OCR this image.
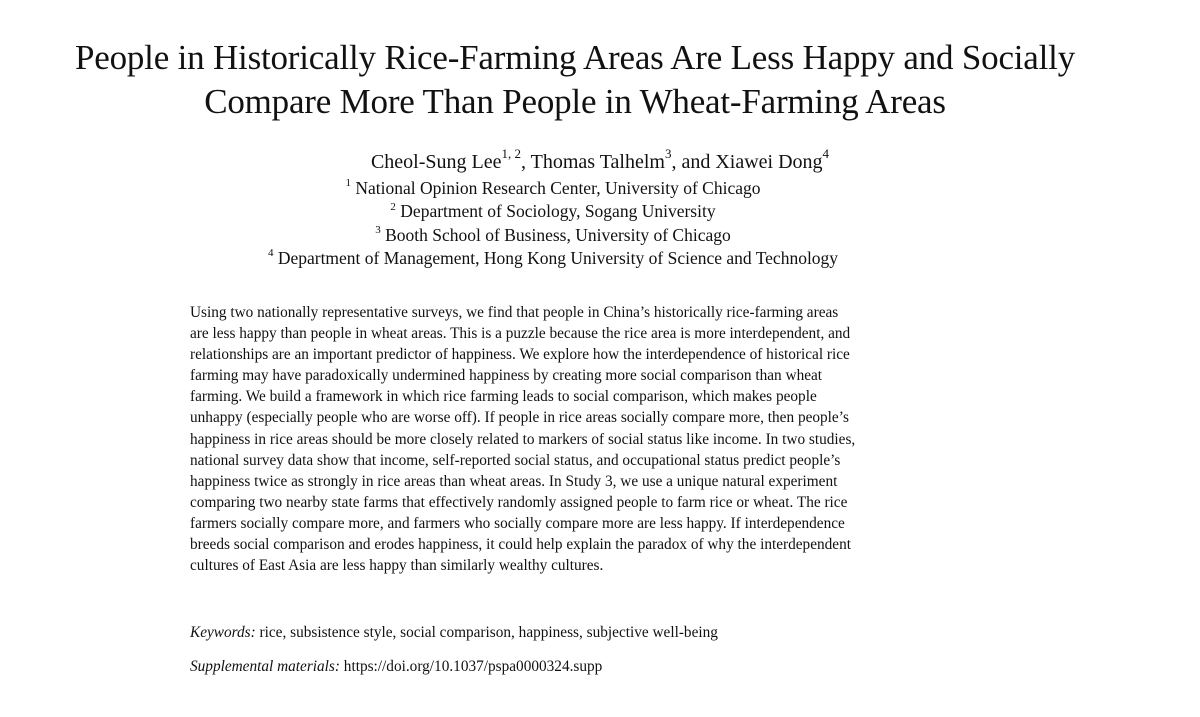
People in Historically Rice-Farming Areas Are Less Happy and Socially
Compare More Than People in Wheat-Farming Areas
Cheol-Sung Lee$^{1, 2}$, Thomas Talhelm$^3$, and Xiawei Dong$^4$
$^1$ National Opinion Research Center, University of Chicago
$^2$ Department of Sociology, Sogang University
$^3$ Booth School of Business, University of Chicago
$^4$ Department of Management, Hong Kong University of Science and Technology
Using two nationally representative surveys, we find that people in China’s historically rice-farming areas
are less happy than people in wheat areas. This is a puzzle because the rice area is more interdependent, and
relationships are an important predictor of happiness. We explore how the interdependence of historical rice
farming may have paradoxically undermined happiness by creating more social comparison than wheat
farming. We build a framework in which rice farming leads to social comparison, which makes people
unhappy (especially people who are worse off). If people in rice areas socially compare more, then people’s
happiness in rice areas should be more closely related to markers of social status like income. In two studies,
national survey data show that income, self-reported social status, and occupational status predict people’s
happiness twice as strongly in rice areas than wheat areas. In Study 3, we use a unique natural experiment
comparing two nearby state farms that effectively randomly assigned people to farm rice or wheat. The rice
farmers socially compare more, and farmers who socially compare more are less happy. If interdependence
breeds social comparison and erodes happiness, it could help explain the paradox of why the interdependent
cultures of East Asia are less happy than similarly wealthy cultures.
Keywords: rice, subsistence style, social comparison, happiness, subjective well-being
Supplemental materials: https://doi.org/10.1037/pspa0000324.supp
